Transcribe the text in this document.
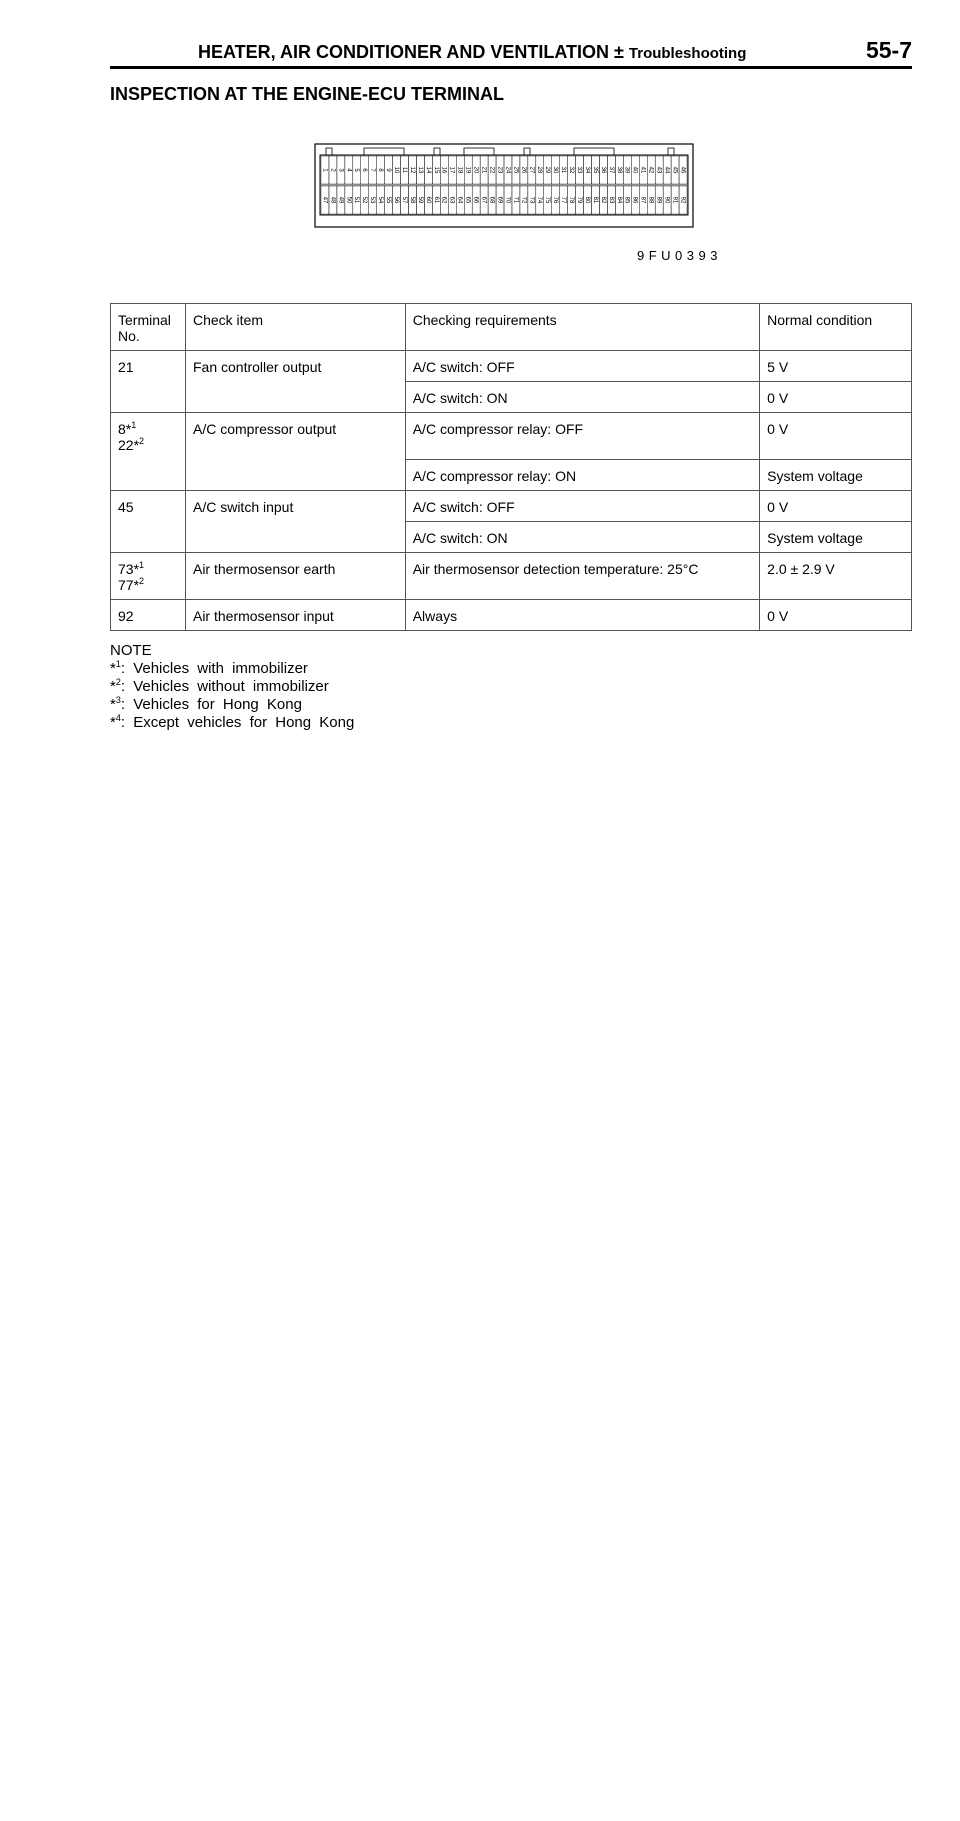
HEATER, AIR CONDITIONER AND VENTILATION ± Troubleshooting	55-7
INSPECTION AT THE ENGINE-ECU TERMINAL
1 2 3 4 5 6 7 8 9 10 11 12 13 14 15 16 17 18 19 20 21 22 23 24 25 26 27 28 29 30 31 32 33 34 35 36 37 38 39 40 41 42 43 44 45 46
47 48 49 50 51 52 53 54 55 56 57 58 59 60 61 62 63 64 65 66 67 68 69 70 71 72 73 74 75 76 77 78 79 80 81 82 83 84 85 86 87 88 89 90 91 92
9FU0393
Terminal No.	Check item	Checking requirements	Normal condition
21	Fan controller output	A/C switch: OFF	5 V
		A/C switch: ON	0 V
8*$^1$
22*$^2$	A/C compressor output	A/C compressor relay: OFF	0 V
		A/C compressor relay: ON	System voltage
45	A/C switch input	A/C switch: OFF	0 V
		A/C switch: ON	System voltage
73*$^1$
77*$^2$	Air thermosensor earth	Air thermosensor detection temperature: 25°C	2.0 ± 2.9 V
92	Air thermosensor input	Always	0 V
NOTE
*$^1$: Vehicles with immobilizer
*$^2$: Vehicles without immobilizer
*$^3$: Vehicles for Hong Kong
*$^4$: Except vehicles for Hong Kong
